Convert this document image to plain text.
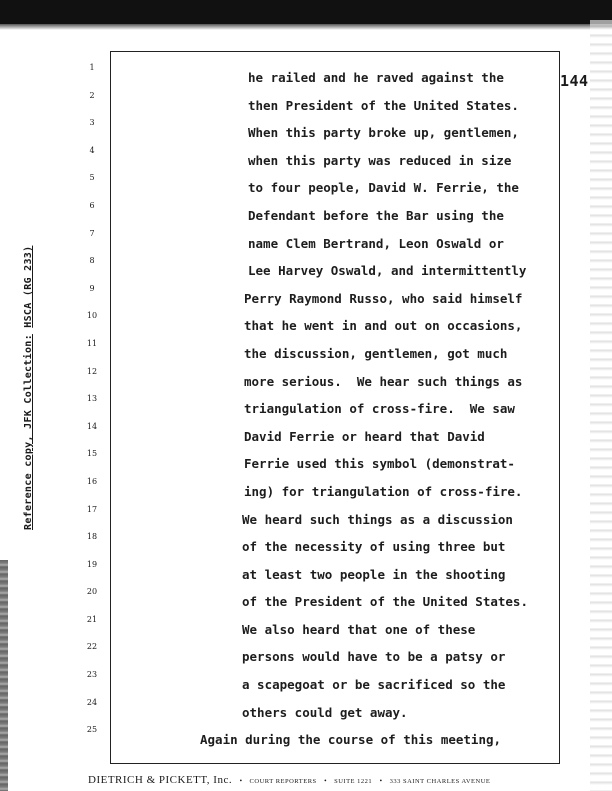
144
1
2
3
4
5
6
7
8
9
10
11
12
13
14
15
16
17
18
19
20
21
22
23
24
25
he railed and he raved against the
then President of the United States.
When this party broke up, gentlemen,
when this party was reduced in size
to four people, David W. Ferrie, the
Defendant before the Bar using the
name Clem Bertrand, Leon Oswald or
Lee Harvey Oswald, and intermittently
Perry Raymond Russo, who said himself
that he went in and out on occasions,
the discussion, gentlemen, got much
more serious.  We hear such things as
triangulation of cross-fire.  We saw
David Ferrie or heard that David
Ferrie used this symbol (demonstrat-
ing) for triangulation of cross-fire.
We heard such things as a discussion
of the necessity of using three but
at least two people in the shooting
of the President of the United States.
We also heard that one of these
persons would have to be a patsy or
a scapegoat or be sacrificed so the
others could get away.
Again during the course of this meeting,
Reference copy, JFK Collection: HSCA (RG 233)
DIETRICH & PICKETT, Inc. • COURT REPORTERS • SUITE 1221 • 333 SAINT CHARLES AVENUE
